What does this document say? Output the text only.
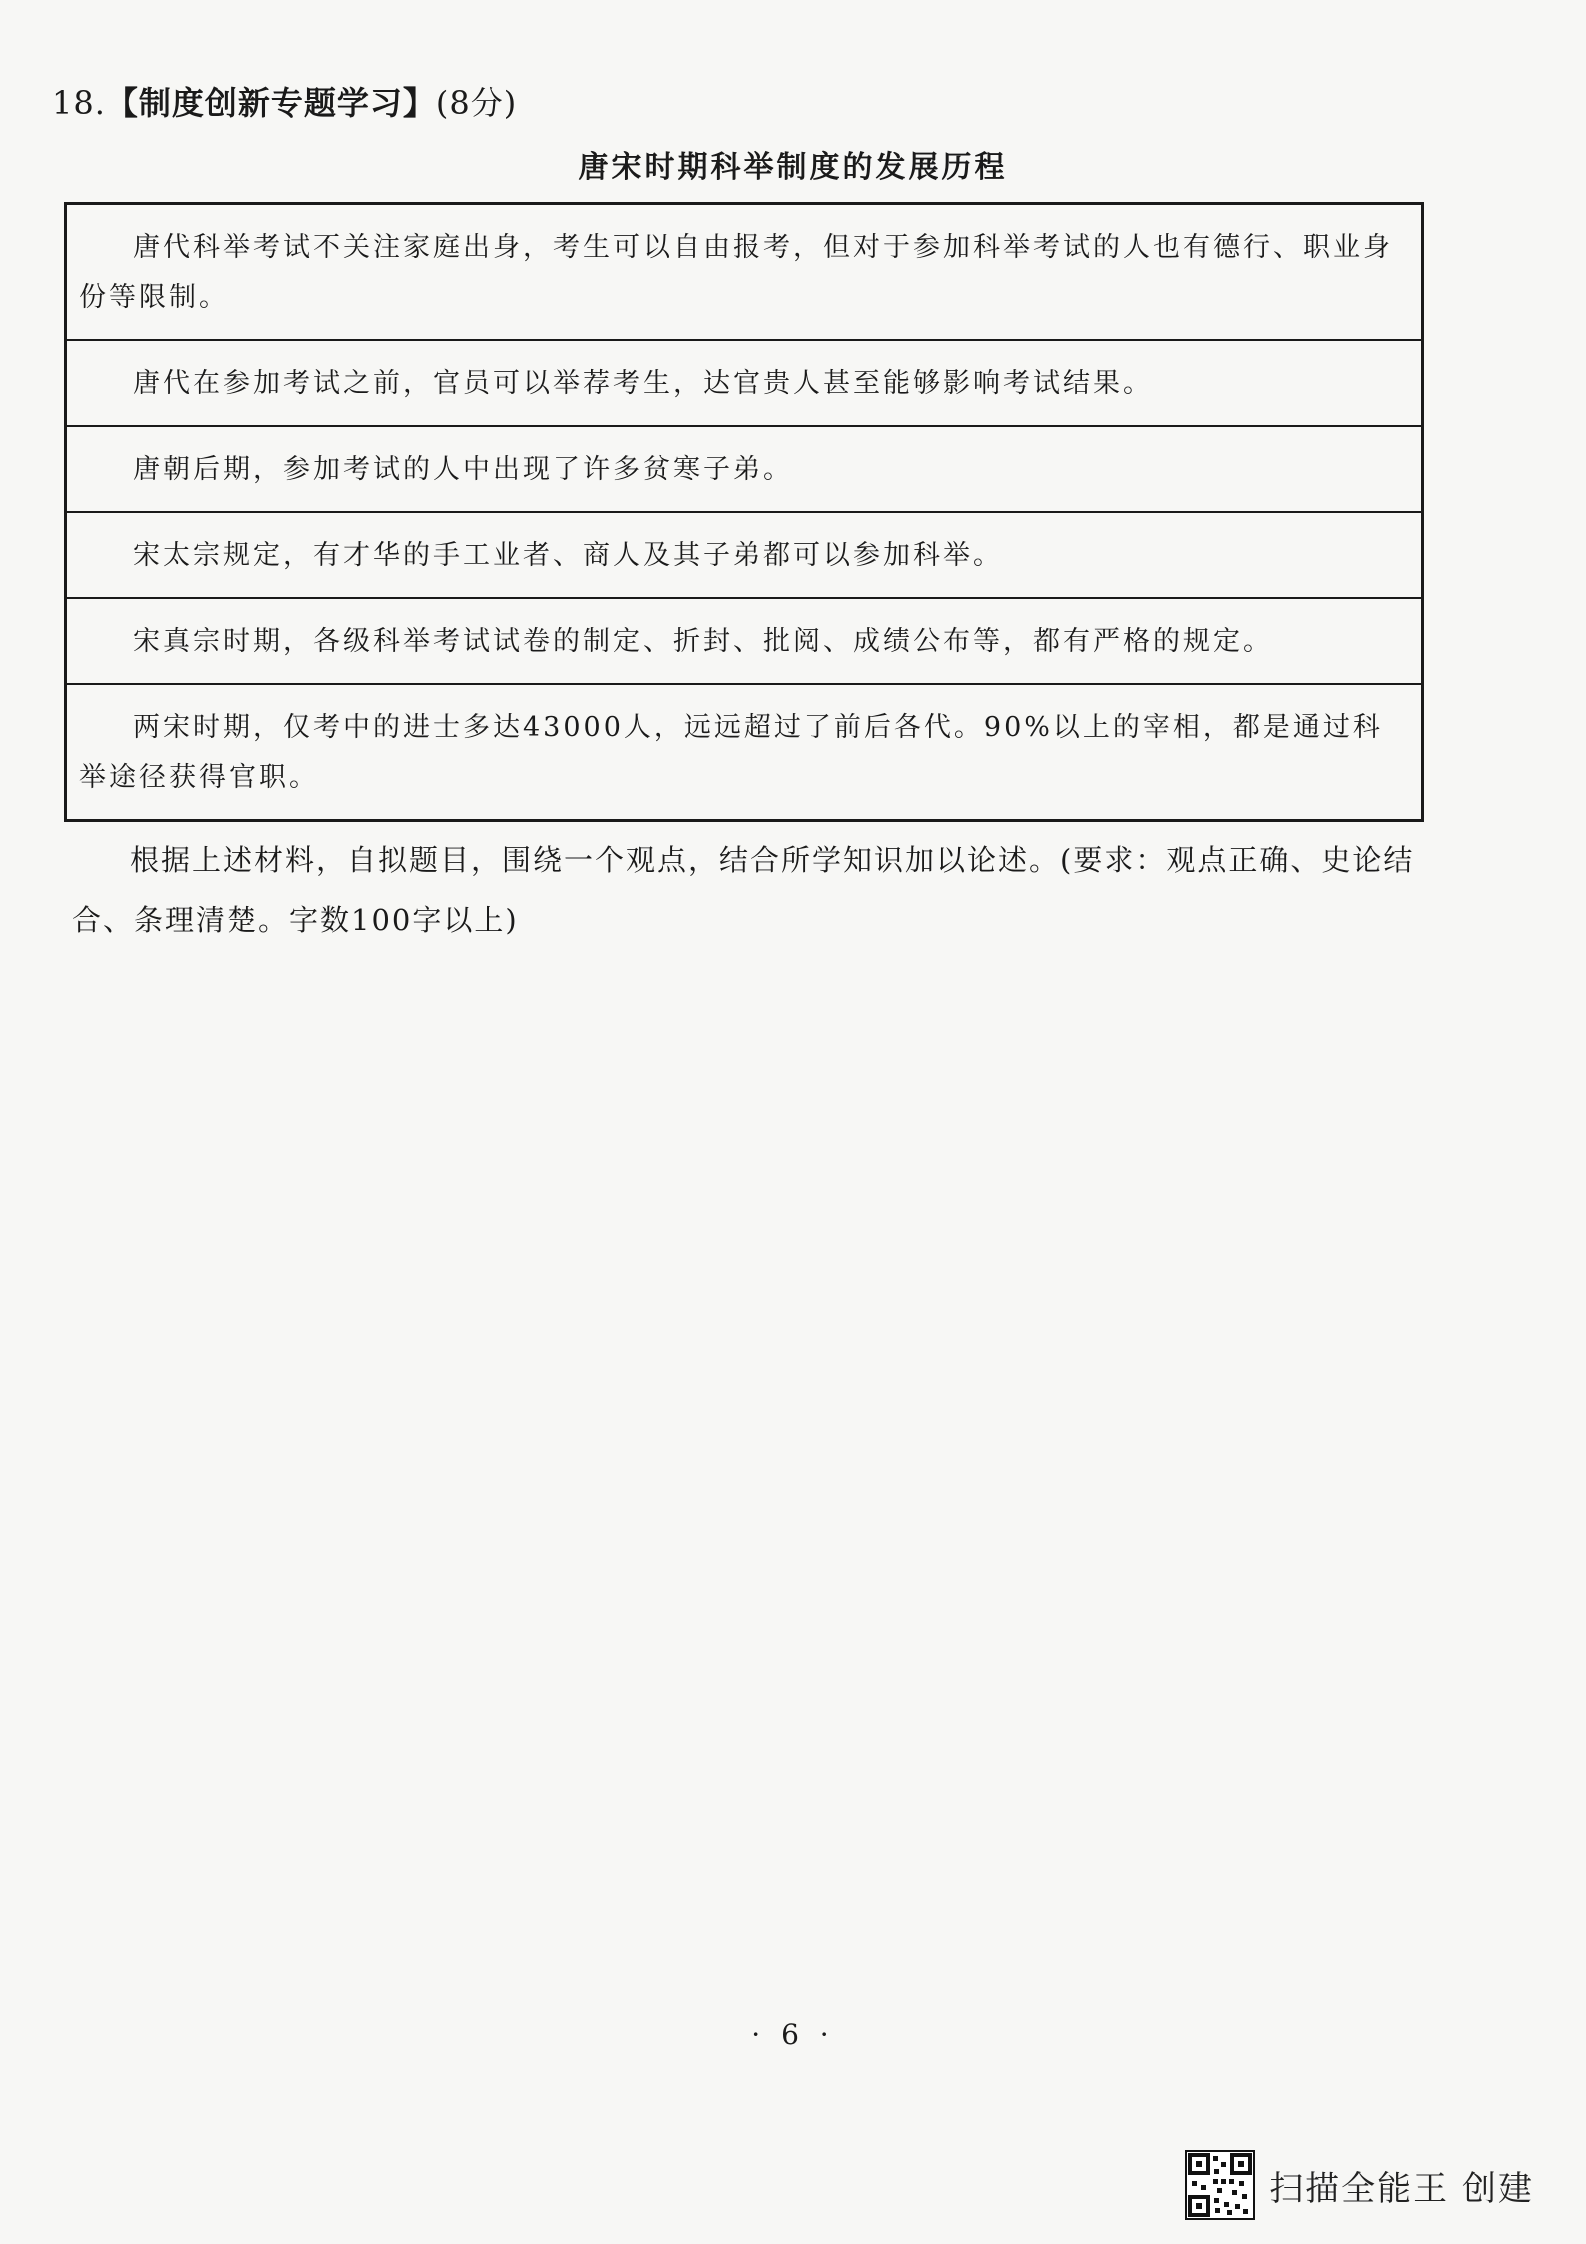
18.【制度创新专题学习】(8分)
唐宋时期科举制度的发展历程
唐代科举考试不关注家庭出身，考生可以自由报考，但对于参加科举考试的人也有德行、职业身份等限制。
唐代在参加考试之前，官员可以举荐考生，达官贵人甚至能够影响考试结果。
唐朝后期，参加考试的人中出现了许多贫寒子弟。
宋太宗规定，有才华的手工业者、商人及其子弟都可以参加科举。
宋真宗时期，各级科举考试试卷的制定、折封、批阅、成绩公布等，都有严格的规定。
两宋时期，仅考中的进士多达43000人，远远超过了前后各代。90%以上的宰相，都是通过科举途径获得官职。
根据上述材料，自拟题目，围绕一个观点，结合所学知识加以论述。(要求：观点正确、史论结合、条理清楚。字数100字以上)
· 6 ·
扫描全能王 创建
